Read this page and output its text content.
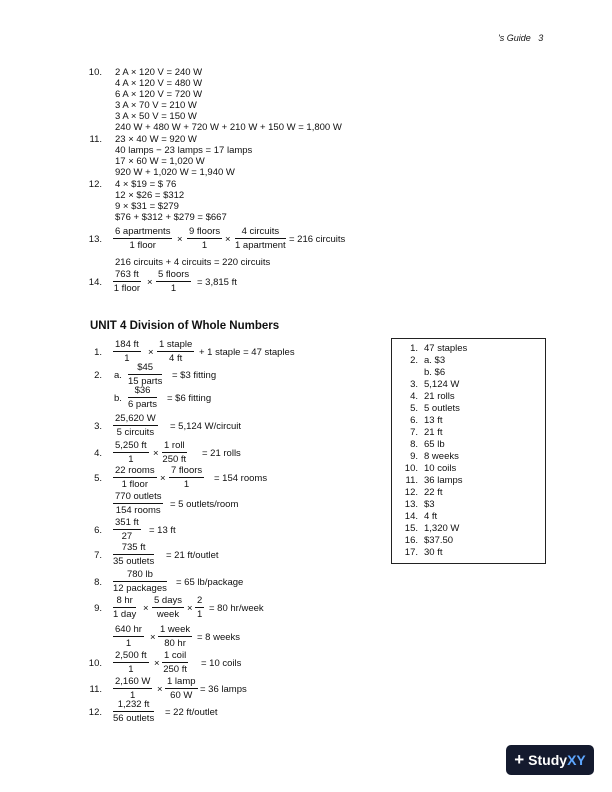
's Guide 3
10. 2 A × 120 V = 240 W
4 A × 120 V = 480 W
6 A × 120 V = 720 W
3 A × 70 V = 210 W
3 A × 50 V = 150 W
240 W + 480 W + 720 W + 210 W + 150 W = 1,800 W
11. 23 × 40 W = 920 W
40 lamps − 23 lamps = 17 lamps
17 × 60 W = 1,020 W
920 W + 1,020 W = 1,940 W
12. 4 × $19 = $ 76
12 × $26 = $312
9 × $31 = $279
$76 + $312 + $279 = $667
13.
6 apartments
1 floor
×
9 floors
1
×
4 circuits
1 apartment
= 216 circuits
216 circuits + 4 circuits = 220 circuits
14.
763 ft
1 floor
×
5 floors
1
= 3,815 ft
UNIT 4 Division of Whole Numbers
1. $\frac{184 ft}{1}$ ×
1 staple
4 ft
+ 1 staple = 47 staples
2. a.
$45
15 parts
= $3 fitting
b.
$36
6 parts
= $6 fitting
3.
25,620 W
5 circuits
= 5,124 W/circuit
4. $\frac{5,250 ft}{1}$ ×
1 roll
250 ft
= 21 rolls
5.
22 rooms
1 floor
×
7 floors
1
= 154 rooms
770 outlets
154 rooms
= 5 outlets/room
6. $\frac{351 ft}{27} = 13$ ft
7.
735 ft
35 outlets
= 21 ft/outlet
8.
780 lb
12 packages
= 65 lb/package
9.
8 hr
1 day
×
5 days
week
× $\frac{2}{1} = 80$ hr/week
$\frac{640 hr}{1}$ ×
1 week
80 hr
= 8 weeks
10. $\frac{2,500 ft}{1}$ ×
1 coil
250 ft
= 10 coils
11. $\frac{2,160 W}{1}$ ×
1 lamp
60 W
= 36 lamps
12.
1,232 ft
56 outlets
= 22 ft/outlet
1. 47 staples
2. a. $3
b. $6
3. 5,124 W
4. 21 rolls
5. 5 outlets
6. 13 ft
7. 21 ft
8. 65 lb
9. 8 weeks
10. 10 coils
11. 36 lamps
12. 22 ft
13. $3
14. 4 ft
15. 1,320 W
16. $37.50
17. 30 ft
+ StudyXY
